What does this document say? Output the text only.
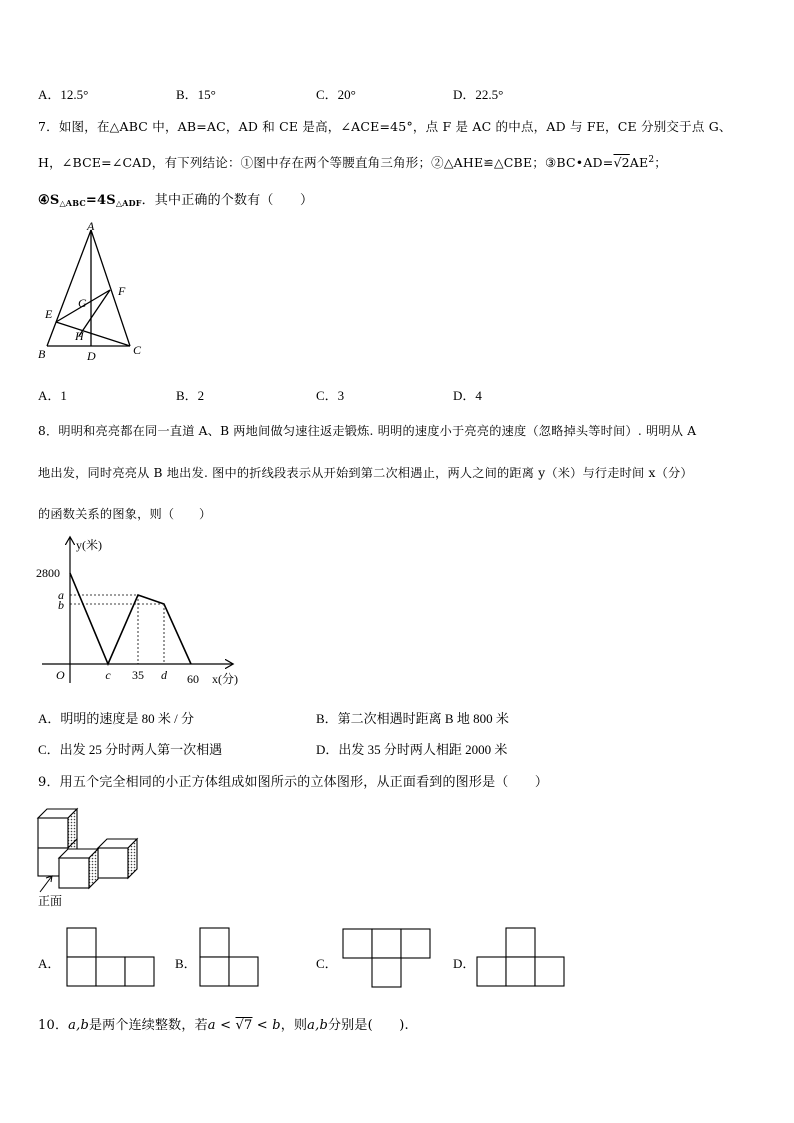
A．12.5°	B．15°	C．20°	D．22.5°
7．如图，在△ABC 中，AB=AC，AD 和 CE 是高，∠ACE=45°，点 F 是 AC 的中点，AD 与 FE，CE 分别交于点 G、
H，∠BCE=∠CAD，有下列结论：①图中存在两个等腰直角三角形；②△AHE≌△CBE；$③BC•AD=√2AE^2$；
$④S_{\triangle ABC}=4S_{\triangle ADF}$．其中正确的个数有（　　）
A
B	C
D
E
F
G
H
A．1	B．2	C．3	D．4
8．明明和亮亮都在同一直道 A、B 两地间做匀速往返走锻炼. 明明的速度小于亮亮的速度（忽略掉头等时间）. 明明从 A
地出发，同时亮亮从 B 地出发. 图中的折线段表示从开始到第二次相遇止，两人之间的距离 y（米）与行走时间 x（分）
的函数关系的图象，则（　　）
c 35 d 60
2800
a
b
O	x(分)
y(米)
A．明明的速度是 80 米 / 分	B．第二次相遇时距离 B 地 800 米
C．出发 25 分时两人第一次相遇	D．出发 35 分时两人相距 2000 米
9．用五个完全相同的小正方体组成如图所示的立体图形，从正面看到的图形是（　　）
正面
A．	B．	C．	D．
10．a,b是两个连续整数，若a < √7 < b，则a,b分别是(　　).
